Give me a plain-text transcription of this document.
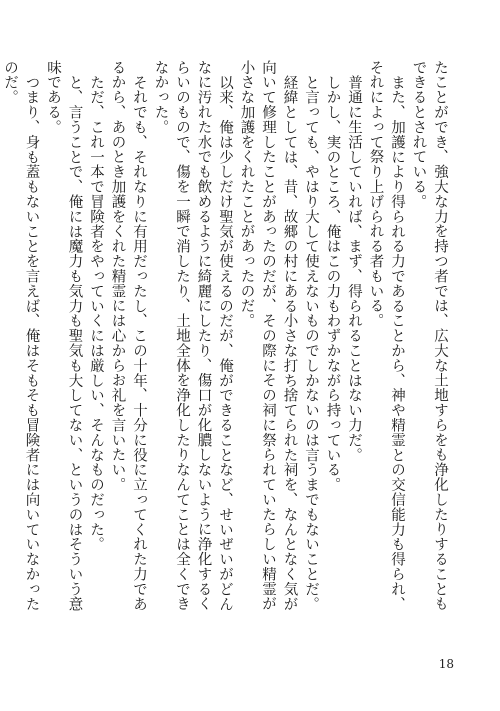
たことができ、強大な力を持つ者では、広大な土地すらをも浄化したりすることもできるとされている。

また、加護により得られる力であることから、神や精霊との交信能力も得られ、それによって祭り上げられる者もいる。

普通に生活していれば、まず、得られることはない力だ。

しかし、実のところ、俺はこの力もわずかながら持っている。

と言っても、やはり大して使えないものでしかないのは言うまでもないことだ。

経緯としては、昔、故郷の村にある小さな打ち捨てられた祠を、なんとなく気が向いて修理したことがあったのだが、その際にその祠に祭られていたらしい精霊が小さな加護をくれたことがあったのだ。

以来、俺は少しだけ聖気が使えるのだが、俺ができることなど、せいぜいがどんなに汚れた水でも飲めるように綺麗にしたり、傷口が化膿しないように浄化するくらいのもので、傷を一瞬で消したり、土地全体を浄化したりなんてことは全くできなかった。

それでも、それなりに有用だったし、この十年、十分に役に立ってくれた力であるから、あのとき加護をくれた精霊には心からお礼を言いたい。

ただ、これ一本で冒険者をやっていくには厳しい、そんなものだった。

と、言うことで、俺には魔力も気力も聖気も大してない、というのはそういう意味である。

つまり、身も蓋もないことを言えば、俺はそもそも冒険者には向いていなかったのだ。

18
